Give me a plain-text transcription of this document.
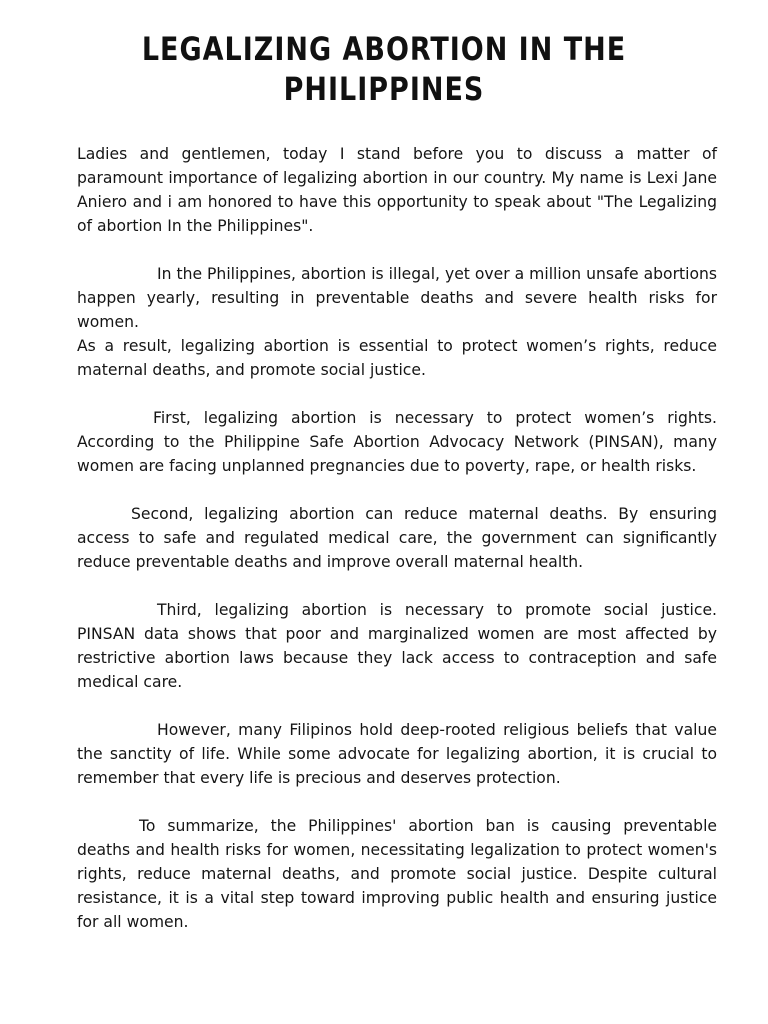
LEGALIZING ABORTION IN THE PHILIPPINES

Ladies and gentlemen, today I stand before you to discuss a matter of paramount importance of legalizing abortion in our country. My name is Lexi Jane Aniero and i am honored to have this opportunity to speak about "The Legalizing of abortion In the Philippines".

In the Philippines, abortion is illegal, yet over a million unsafe abortions happen yearly, resulting in preventable deaths and severe health risks for women.

As a result, legalizing abortion is essential to protect women’s rights, reduce maternal deaths, and promote social justice.

First, legalizing abortion is necessary to protect women’s rights. According to the Philippine Safe Abortion Advocacy Network (PINSAN), many women are facing unplanned pregnancies due to poverty, rape, or health risks.

Second, legalizing abortion can reduce maternal deaths. By ensuring access to safe and regulated medical care, the government can significantly reduce preventable deaths and improve overall maternal health.

Third, legalizing abortion is necessary to promote social justice. PINSAN data shows that poor and marginalized women are most affected by restrictive abortion laws because they lack access to contraception and safe medical care.

However, many Filipinos hold deep-rooted religious beliefs that value the sanctity of life. While some advocate for legalizing abortion, it is crucial to remember that every life is precious and deserves protection.

To summarize, the Philippines' abortion ban is causing preventable deaths and health risks for women, necessitating legalization to protect women's rights, reduce maternal deaths, and promote social justice. Despite cultural resistance, it is a vital step toward improving public health and ensuring justice for all women.
